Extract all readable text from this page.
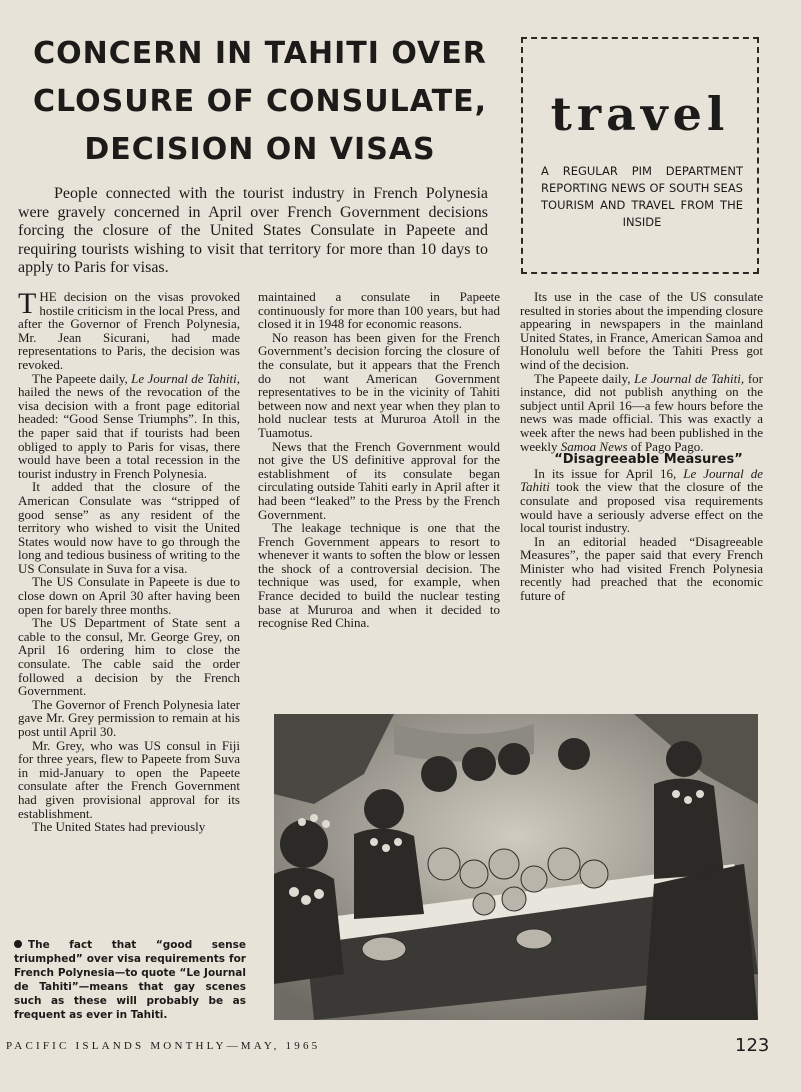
CONCERN IN TAHITI OVER CLOSURE OF CONSULATE, DECISION ON VISAS

travel

A REGULAR PIM DEPARTMENT REPORTING NEWS OF SOUTH SEAS TOURISM AND TRAVEL FROM THE INSIDE

People connected with the tourist industry in French Polynesia were gravely concerned in April over French Government decisions forcing the closure of the United States Consulate in Papeete and requiring tourists wishing to visit that territory for more than 10 days to apply to Paris for visas.

THE decision on the visas provoked hostile criticism in the local Press, and after the Governor of French Polynesia, Mr. Jean Sicurani, had made representations to Paris, the decision was revoked.

The Papeete daily, Le Journal de Tahiti, hailed the news of the revocation of the visa decision with a front page editorial headed: “Good Sense Triumphs”. In this, the paper said that if tourists had been obliged to apply to Paris for visas, there would have been a total recession in the tourist industry in French Polynesia.

It added that the closure of the American Consulate was “stripped of good sense” as any resident of the territory who wished to visit the United States would now have to go through the long and tedious business of writing to the US Consulate in Suva for a visa.

The US Consulate in Papeete is due to close down on April 30 after having been open for barely three months.

The US Department of State sent a cable to the consul, Mr. George Grey, on April 16 ordering him to close the consulate. The cable said the order followed a decision by the French Government.

The Governor of French Polynesia later gave Mr. Grey permission to remain at his post until April 30.

Mr. Grey, who was US consul in Fiji for three years, flew to Papeete from Suva in mid-January to open the Papeete consulate after the French Government had given provisional approval for its establishment.

The United States had previously

maintained a consulate in Papeete continuously for more than 100 years, but had closed it in 1948 for economic reasons.

No reason has been given for the French Government’s decision forcing the closure of the consulate, but it appears that the French do not want American Government representatives to be in the vicinity of Tahiti between now and next year when they plan to hold nuclear tests at Mururoa Atoll in the Tuamotus.

News that the French Government would not give the US definitive approval for the establishment of its consulate began circulating outside Tahiti early in April after it had been “leaked” to the Press by the French Government.

The leakage technique is one that the French Government appears to resort to whenever it wants to soften the blow or lessen the shock of a controversial decision. The technique was used, for example, when France decided to build the nuclear testing base at Mururoa and when it decided to recognise Red China.

Its use in the case of the US consulate resulted in stories about the impending closure appearing in newspapers in the mainland United States, in France, American Samoa and Honolulu well before the Tahiti Press got wind of the decision.

The Papeete daily, Le Journal de Tahiti, for instance, did not publish anything on the subject until April 16—a few hours before the news was made official. This was exactly a week after the news had been published in the weekly Samoa News of Pago Pago.

“Disagreeable Measures”

In its issue for April 16, Le Journal de Tahiti took the view that the closure of the consulate and proposed visa requirements would have a seriously adverse effect on the local tourist industry.

In an editorial headed “Disagreeable Measures”, the paper said that every French Minister who had visited French Polynesia recently had preached that the economic future of

The fact that “good sense triumphed” over visa requirements for French Polynesia—to quote “Le Journal de Tahiti”—means that gay scenes such as these will probably be as frequent as ever in Tahiti.

PACIFIC ISLANDS MONTHLY—MAY, 1965	123
